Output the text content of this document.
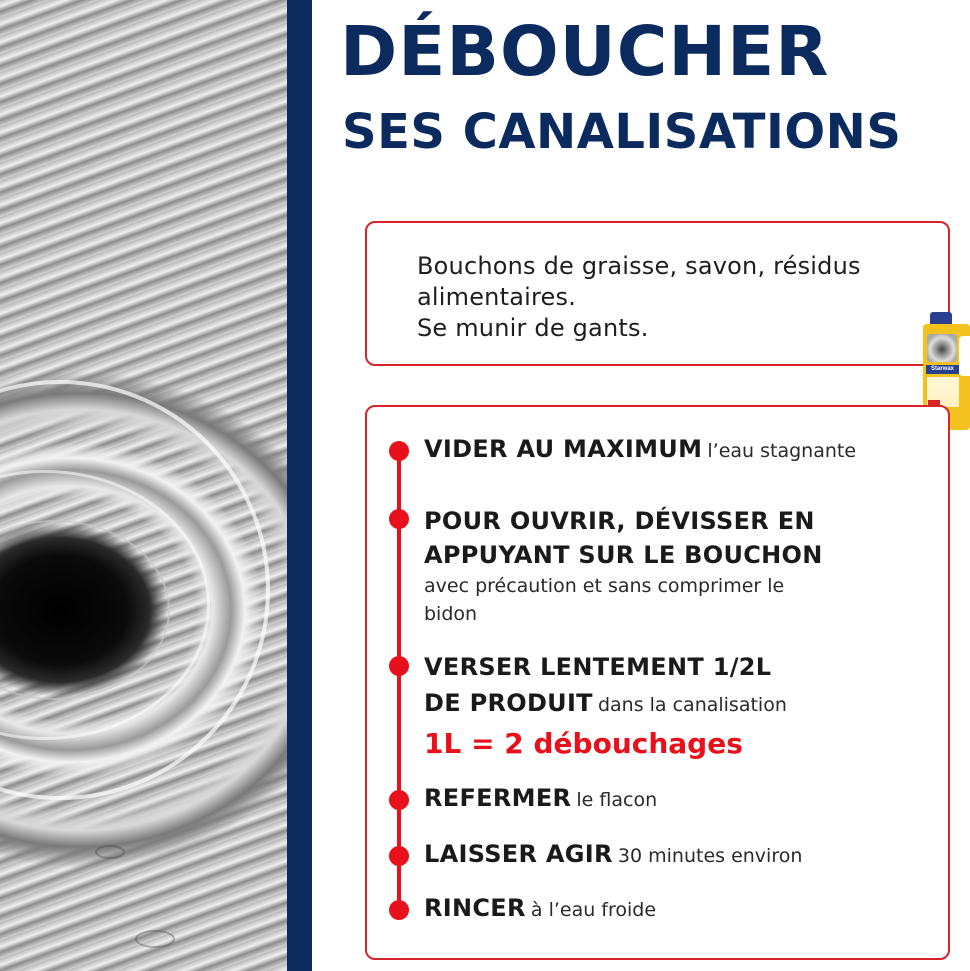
DÉBOUCHER
SES CANALISATIONS
Bouchons de graisse, savon, résidus
alimentaires.
Se munir de gants.
Starwax
VIDER AU MAXIMUM l’eau stagnante
POUR OUVRIR, DÉVISSER EN
APPUYANT SUR LE BOUCHON
avec précaution et sans comprimer le
bidon
VERSER LENTEMENT 1/2L
DE PRODUIT dans la canalisation
1L = 2 débouchages
REFERMER le flacon
LAISSER AGIR 30 minutes environ
RINCER à l’eau froide
